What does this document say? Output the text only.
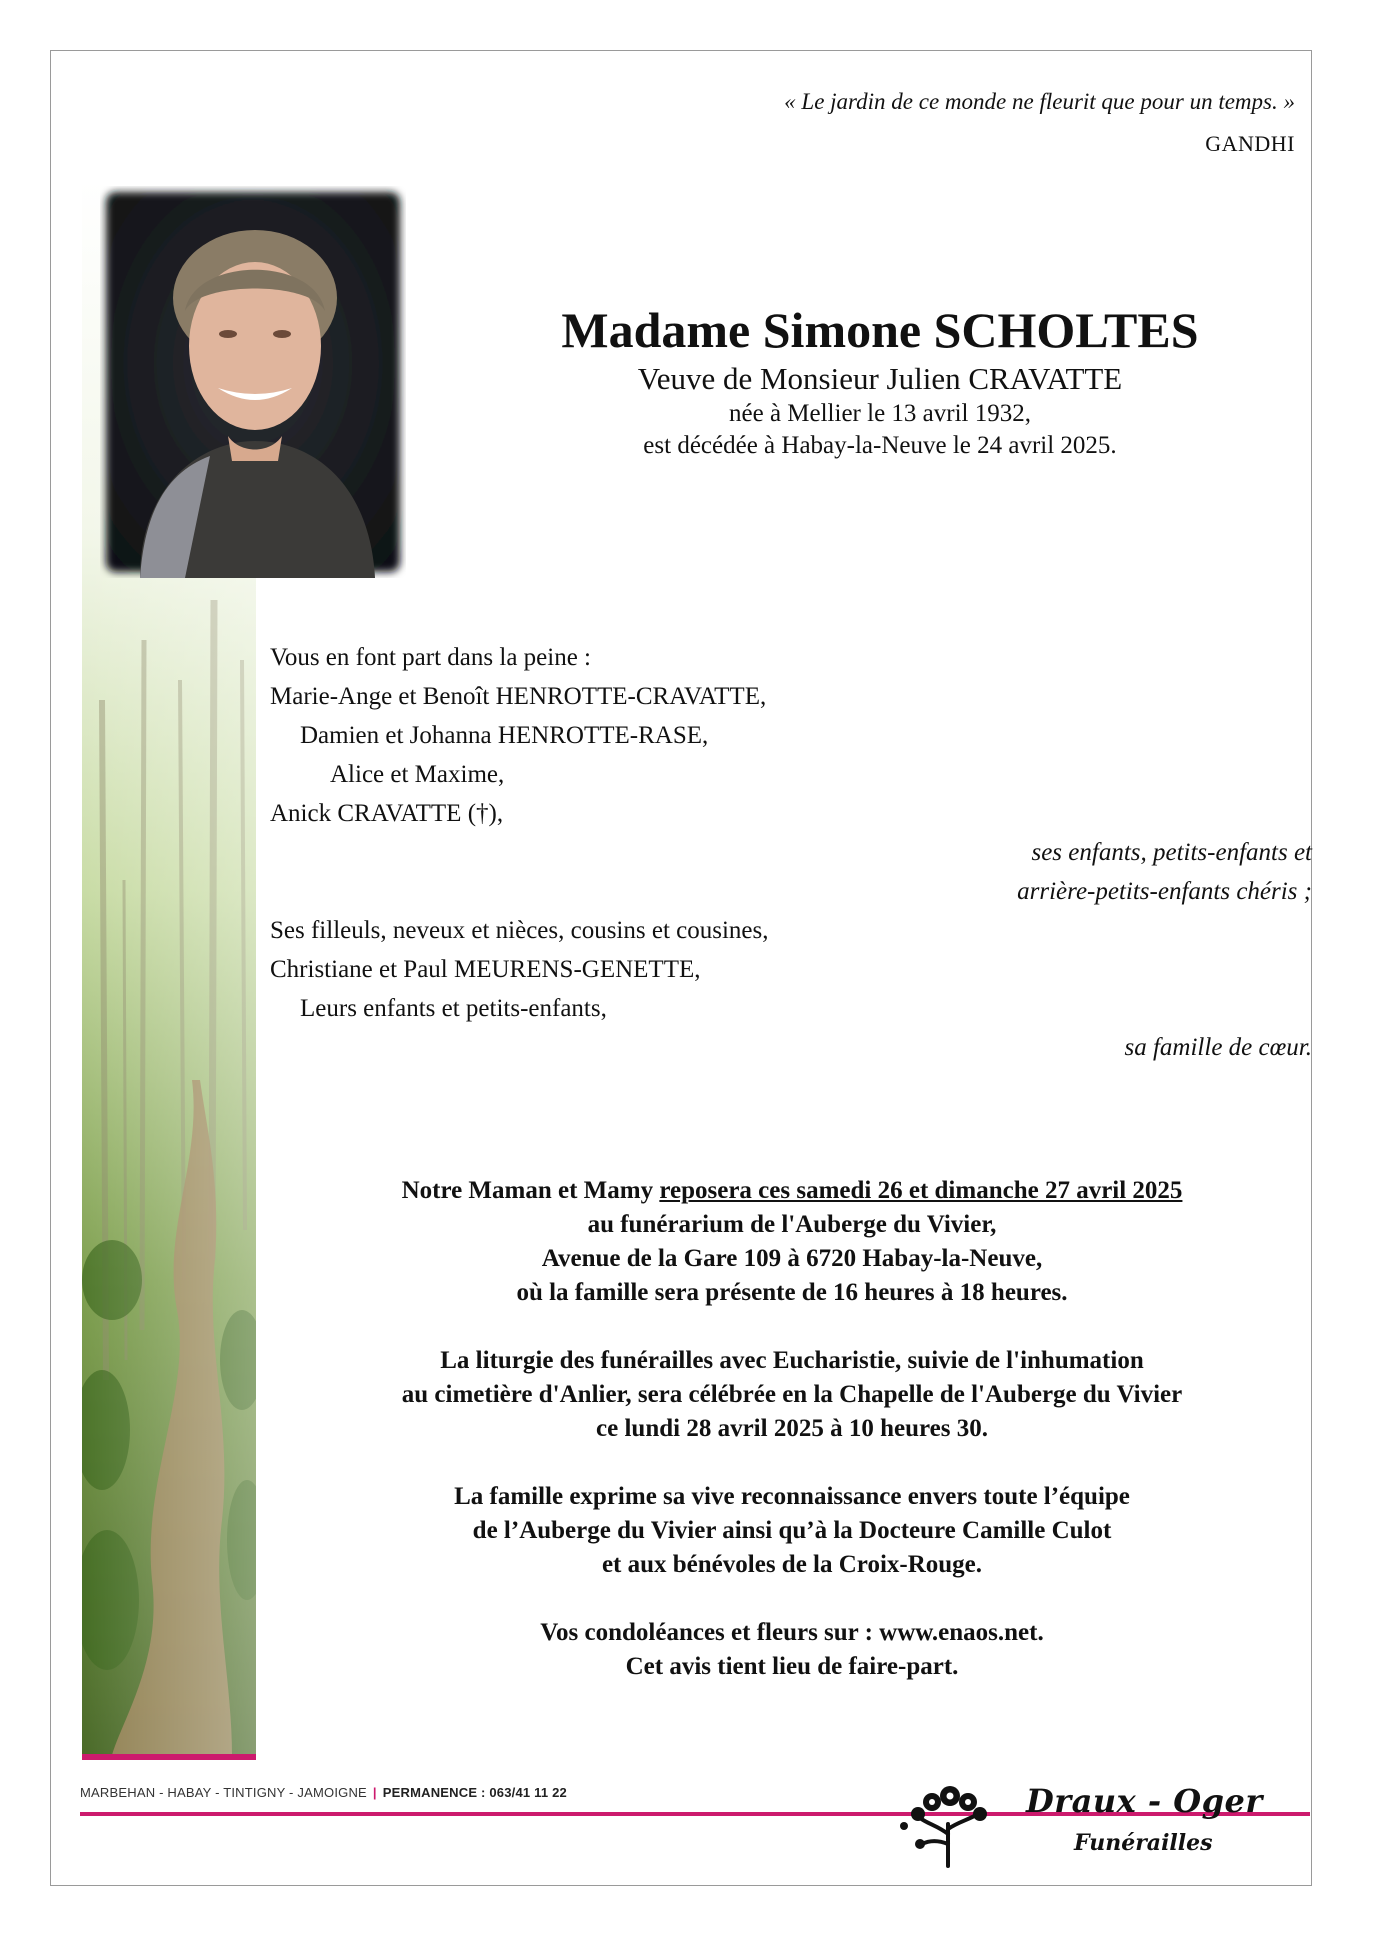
« Le jardin de ce monde ne fleurit que pour un temps. »
GANDHI
Madame Simone SCHOLTES
Veuve de Monsieur Julien CRAVATTE
née à Mellier le 13 avril 1932,
est décédée à Habay-la-Neuve le 24 avril 2025.
Vous en font part dans la peine :
Marie-Ange et Benoît HENROTTE-CRAVATTE,
Damien et Johanna HENROTTE-RASE,
Alice et Maxime,
Anick CRAVATTE (†),
ses enfants, petits-enfants et
arrière-petits-enfants chéris ;
Ses filleuls, neveux et nièces, cousins et cousines,
Christiane et Paul MEURENS-GENETTE,
Leurs enfants et petits-enfants,
sa famille de cœur.
Notre Maman et Mamy reposera ces samedi 26 et dimanche 27 avril 2025
au funérarium de l'Auberge du Vivier,
Avenue de la Gare 109 à 6720 Habay-la-Neuve,
où la famille sera présente de 16 heures à 18 heures.
La liturgie des funérailles avec Eucharistie, suivie de l'inhumation
au cimetière d'Anlier, sera célébrée en la Chapelle de l'Auberge du Vivier
ce lundi 28 avril 2025 à 10 heures 30.
La famille exprime sa vive reconnaissance envers toute l’équipe
de l’Auberge du Vivier ainsi qu’à la Docteure Camille Culot
et aux bénévoles de la Croix-Rouge.
Vos condoléances et fleurs sur : www.enaos.net.
Cet avis tient lieu de faire-part.
MARBEHAN - HABAY - TINTIGNY - JAMOIGNE | PERMANENCE : 063/41 11 22	Draux - Oger
Funérailles
